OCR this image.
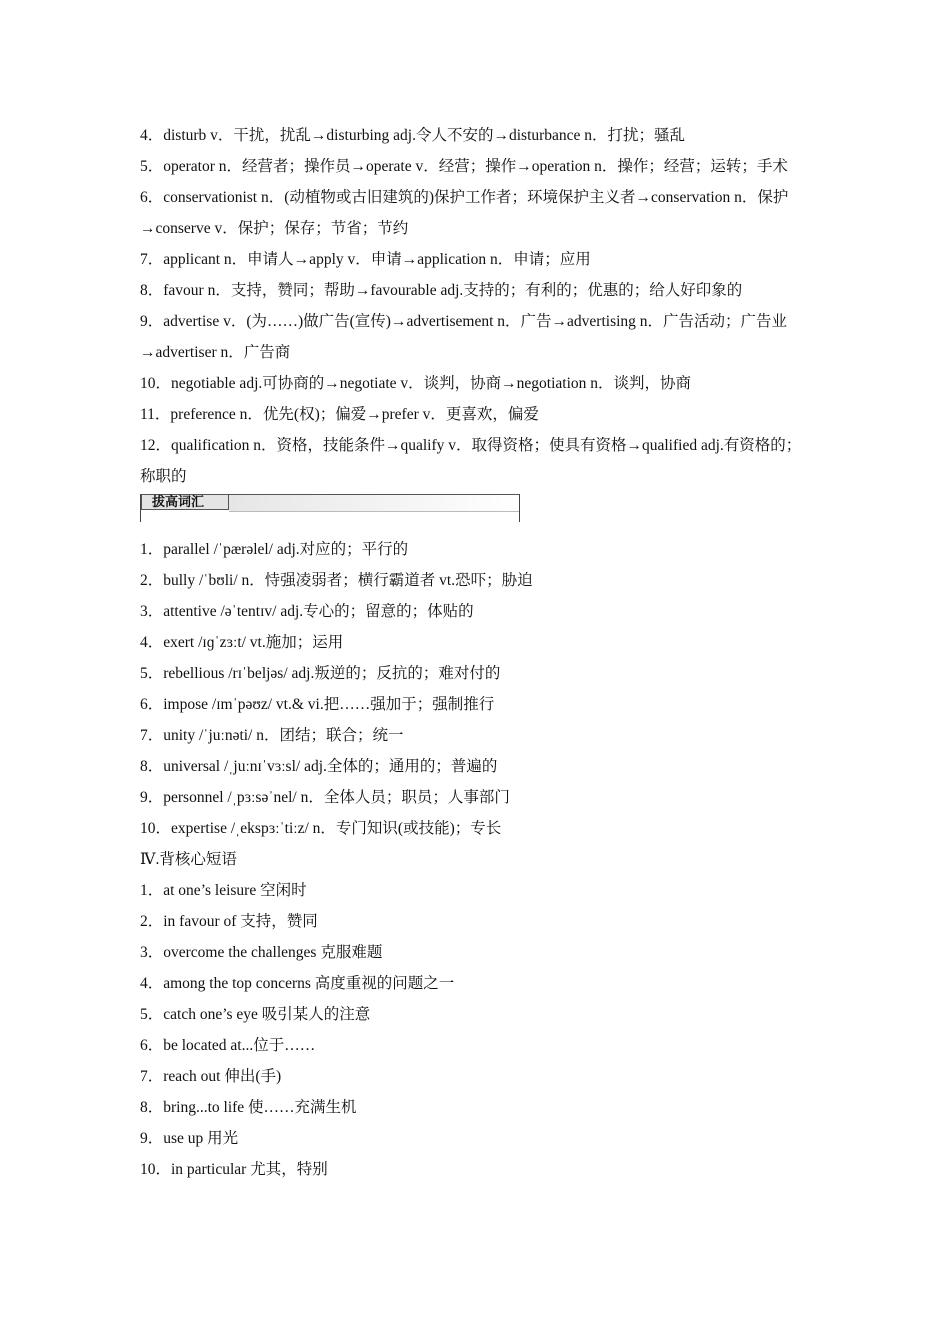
4．disturb v．干扰，扰乱→disturbing adj.令人不安的→disturbance n．打扰；骚乱
5．operator n．经营者；操作员→operate v．经营；操作→operation n．操作；经营；运转；手术
6．conservationist n．(动植物或古旧建筑的)保护工作者；环境保护主义者→conservation n．保护→conserve v．保护；保存；节省；节约
7．applicant n．申请人→apply v．申请→application n．申请；应用
8．favour n．支持，赞同；帮助→favourable adj.支持的；有利的；优惠的；给人好印象的
9．advertise v．(为……)做广告(宣传)→advertisement n．广告→advertising n．广告活动；广告业→advertiser n．广告商
10．negotiable adj.可协商的→negotiate v．谈判，协商→negotiation n．谈判，协商
11．preference n．优先(权)；偏爱→prefer v．更喜欢，偏爱
12．qualification n．资格，技能条件→qualify v．取得资格；使具有资格→qualified adj.有资格的；称职的
拔高词汇
1．parallel /ˈpærəlel/ adj.对应的；平行的
2．bully /ˈbʊli/ n．恃强凌弱者；横行霸道者 vt.恐吓；胁迫
3．attentive /əˈtentɪv/ adj.专心的；留意的；体贴的
4．exert /ɪɡˈzɜːt/ vt.施加；运用
5．rebellious /rɪˈbeljəs/ adj.叛逆的；反抗的；难对付的
6．impose /ɪmˈpəʊz/ vt.& vi.把……强加于；强制推行
7．unity /ˈjuːnəti/ n．团结；联合；统一
8．universal /ˌjuːnɪˈvɜːsl/ adj.全体的；通用的；普遍的
9．personnel /ˌpɜːsəˈnel/ n．全体人员；职员；人事部门
10．expertise /ˌekspɜːˈtiːz/ n．专门知识(或技能)；专长
Ⅳ.背核心短语
1．at one’s leisure 空闲时
2．in favour of 支持，赞同
3．overcome the challenges 克服难题
4．among the top concerns 高度重视的问题之一
5．catch one’s eye 吸引某人的注意
6．be located at...位于……
7．reach out 伸出(手)
8．bring...to life 使……充满生机
9．use up 用光
10．in particular 尤其，特别
